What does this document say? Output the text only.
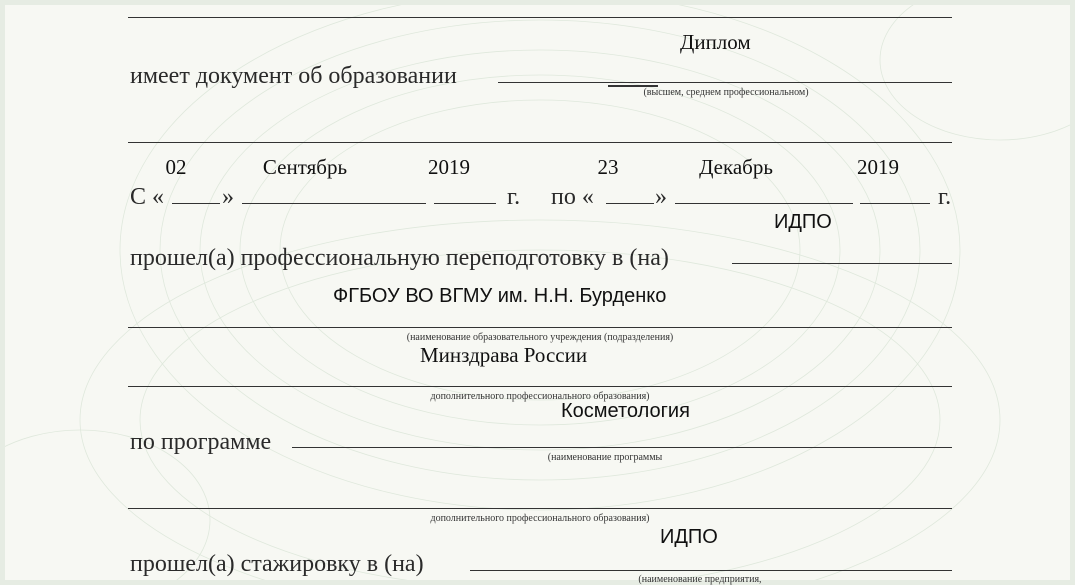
Диплом
имеет документ об образовании
(высшем, среднем профессиональном)
02	Сентябрь	2019	23	Декабрь	2019
С « »	г. по «	»	г.
ИДПО
прошел(а) профессиональную переподготовку в (на)
ФГБОУ ВО ВГМУ им. Н.Н. Бурденко
(наименование образовательного учреждения (подразделения)
Минздрава России
дополнительного профессионального образования)
Косметология
по программе
(наименование программы
дополнительного профессионального образования)
ИДПО
прошел(а) стажировку в (на)
(наименование предприятия,
